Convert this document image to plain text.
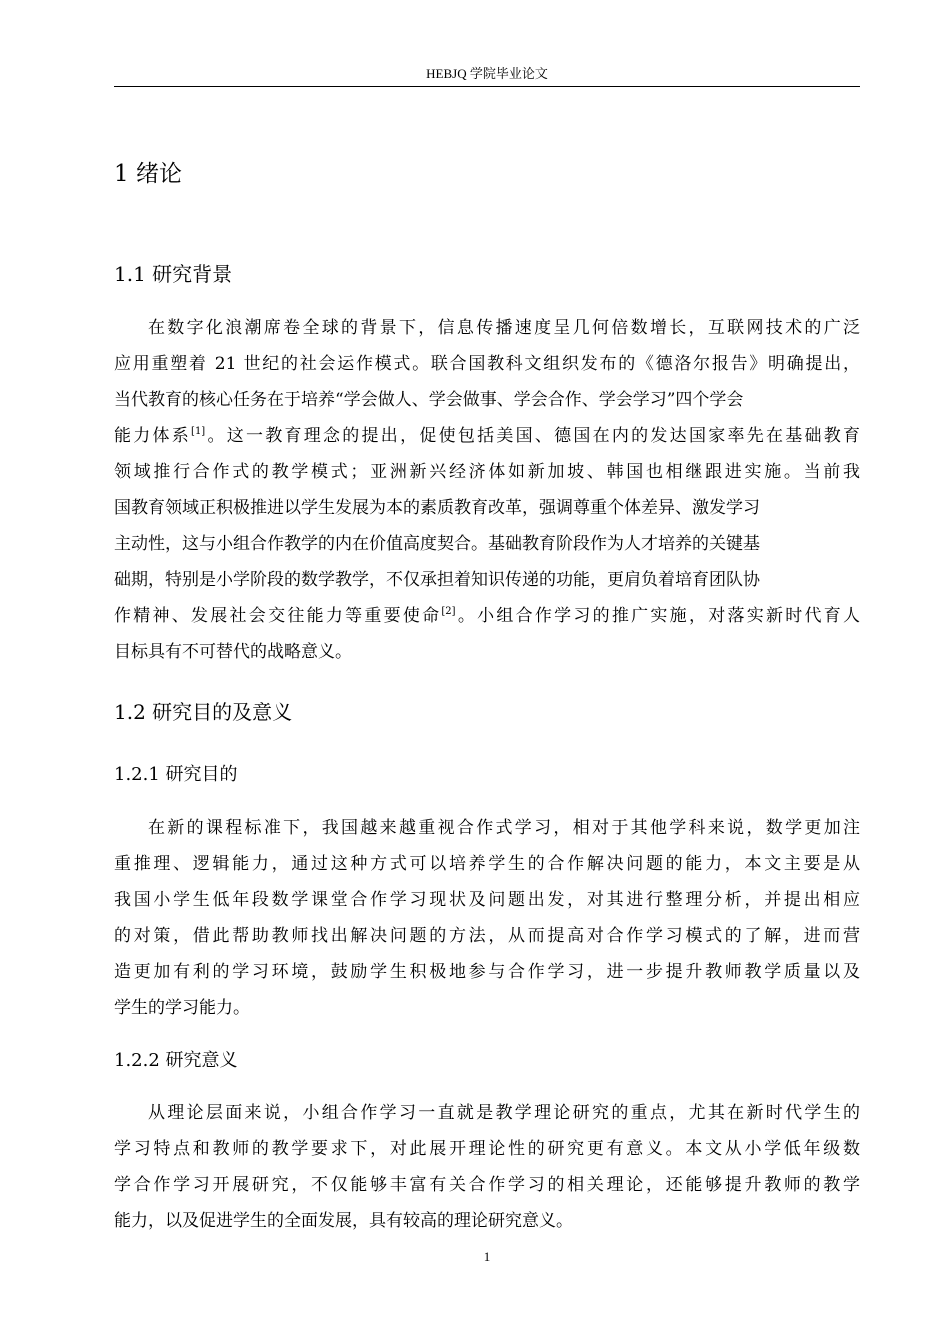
HEBJQ 学院毕业论文
1 绪论
1.1 研究背景
在数字化浪潮席卷全球的背景下，信息传播速度呈几何倍数增长，互联网技术的广泛
应用重塑着 21 世纪的社会运作模式。联合国教科文组织发布的《德洛尔报告》明确提出，
当代教育的核心任务在于培养“学会做人、学会做事、学会合作、学会学习”四个学会
能力体系[1]。这一教育理念的提出，促使包括美国、德国在内的发达国家率先在基础教育
领域推行合作式的教学模式；亚洲新兴经济体如新加坡、韩国也相继跟进实施。当前我
国教育领域正积极推进以学生发展为本的素质教育改革，强调尊重个体差异、激发学习
主动性，这与小组合作教学的内在价值高度契合。基础教育阶段作为人才培养的关键基
础期，特别是小学阶段的数学教学，不仅承担着知识传递的功能，更肩负着培育团队协
作精神、发展社会交往能力等重要使命[2]。小组合作学习的推广实施，对落实新时代育人
目标具有不可替代的战略意义。
1.2 研究目的及意义
1.2.1 研究目的
在新的课程标准下，我国越来越重视合作式学习，相对于其他学科来说，数学更加注
重推理、逻辑能力，通过这种方式可以培养学生的合作解决问题的能力，本文主要是从
我国小学生低年段数学课堂合作学习现状及问题出发，对其进行整理分析，并提出相应
的对策，借此帮助教师找出解决问题的方法，从而提高对合作学习模式的了解，进而营
造更加有利的学习环境，鼓励学生积极地参与合作学习，进一步提升教师教学质量以及
学生的学习能力。
1.2.2 研究意义
从理论层面来说，小组合作学习一直就是教学理论研究的重点，尤其在新时代学生的
学习特点和教师的教学要求下，对此展开理论性的研究更有意义。本文从小学低年级数
学合作学习开展研究，不仅能够丰富有关合作学习的相关理论，还能够提升教师的教学
能力，以及促进学生的全面发展，具有较高的理论研究意义。
1
